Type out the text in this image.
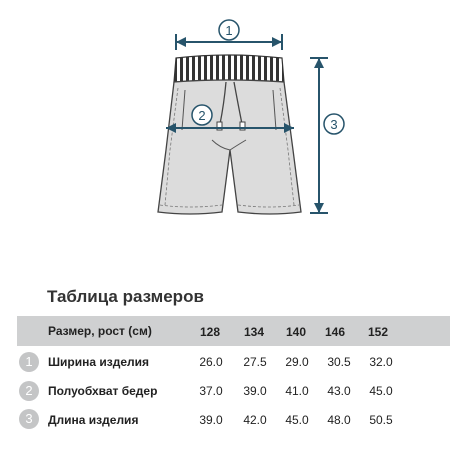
1
2
3
Таблица размеров
Размер, рост (см)	128	134	140	146	152
1	Ширина изделия	26.0	27.5	29.0	30.5	32.0
2	Полуобхват бедер	37.0	39.0	41.0	43.0	45.0
3	Длина изделия	39.0	42.0	45.0	48.0	50.5
